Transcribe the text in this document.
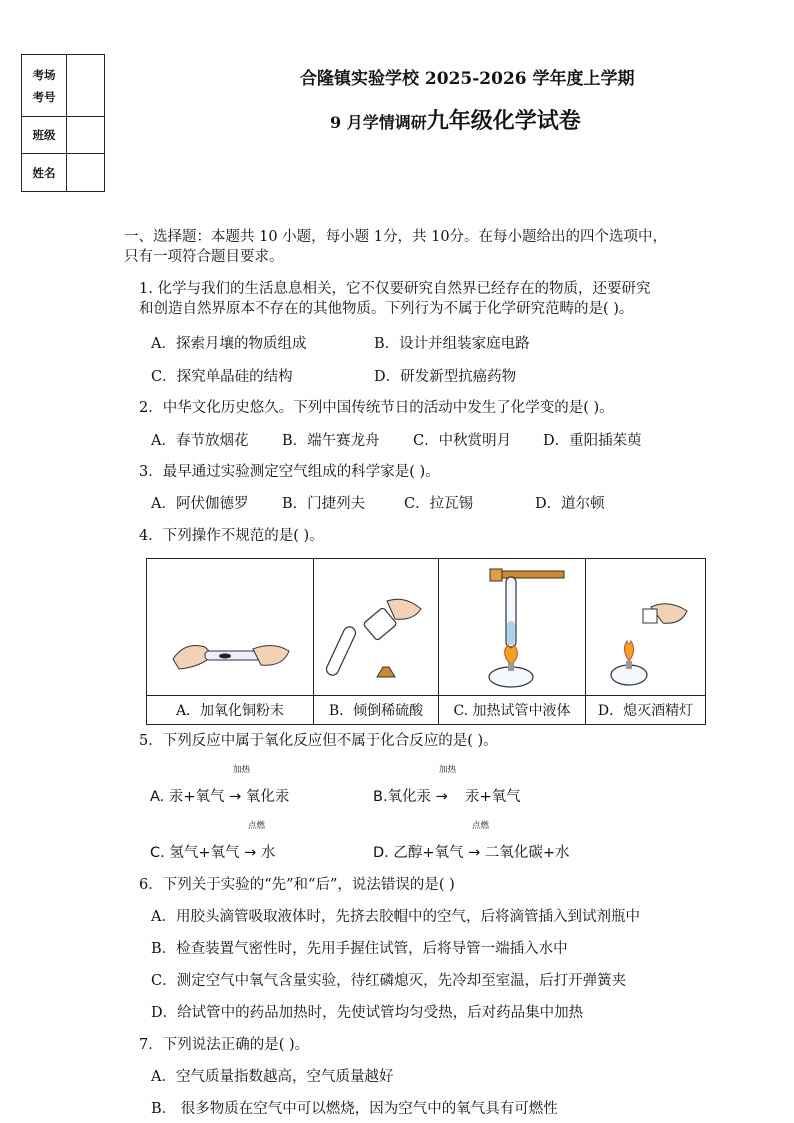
考场
考号	

班级	
姓名	
合隆镇实验学校 2025-2026 学年度上学期
9 月学情调研九年级化学试卷
一、选择题：本题共 10 小题，每小题 1分，共 10分。在每小题给出的四个选项中，
只有一项符合题目要求。
1. 化学与我们的生活息息相关，它不仅要研究自然界已经存在的物质，还要研究
和创造自然界原本不存在的其他物质。下列行为不属于化学研究范畴的是( )。
A．探索月壤的物质组成	B．设计并组装家庭电路
C．探究单晶硅的结构	D．研发新型抗癌药物
2．中华文化历史悠久。下列中国传统节日的活动中发生了化学变的是( )。
A．春节放烟花 B．端午赛龙舟 C．中秋赏明月 D．重阳插茱萸
3．最早通过实验测定空气组成的科学家是( )。
A．阿伏伽德罗 B．门捷列夫	C．拉瓦锡	D．道尔顿
4．下列操作不规范的是( )。

A．加氧化铜粉末	B．倾倒稀硫酸	C. 加热试管中液体	D．熄灭酒精灯
5．下列反应中属于氧化反应但不属于化合反应的是( )。
加热	加热
A. 汞+氧气 → 氧化汞	B.氧化汞 → 汞+氧气
点燃	点燃
C. 氢气+氧气 → 水	D. 乙醇+氧气 → 二氧化碳+水
6．下列关于实验的“先”和“后”，说法错误的是( )
A．用胶头滴管吸取液体时，先挤去胶帽中的空气，后将滴管插入到试剂瓶中
B．检查装置气密性时，先用手握住试管，后将导管一端插入水中
C．测定空气中氧气含量实验，待红磷熄灭，先冷却至室温，后打开弹簧夹
D．给试管中的药品加热时，先使试管均匀受热，后对药品集中加热
7．下列说法正确的是( )。
A．空气质量指数越高，空气质量越好
B． 很多物质在空气中可以燃烧，因为空气中的氧气具有可燃性
